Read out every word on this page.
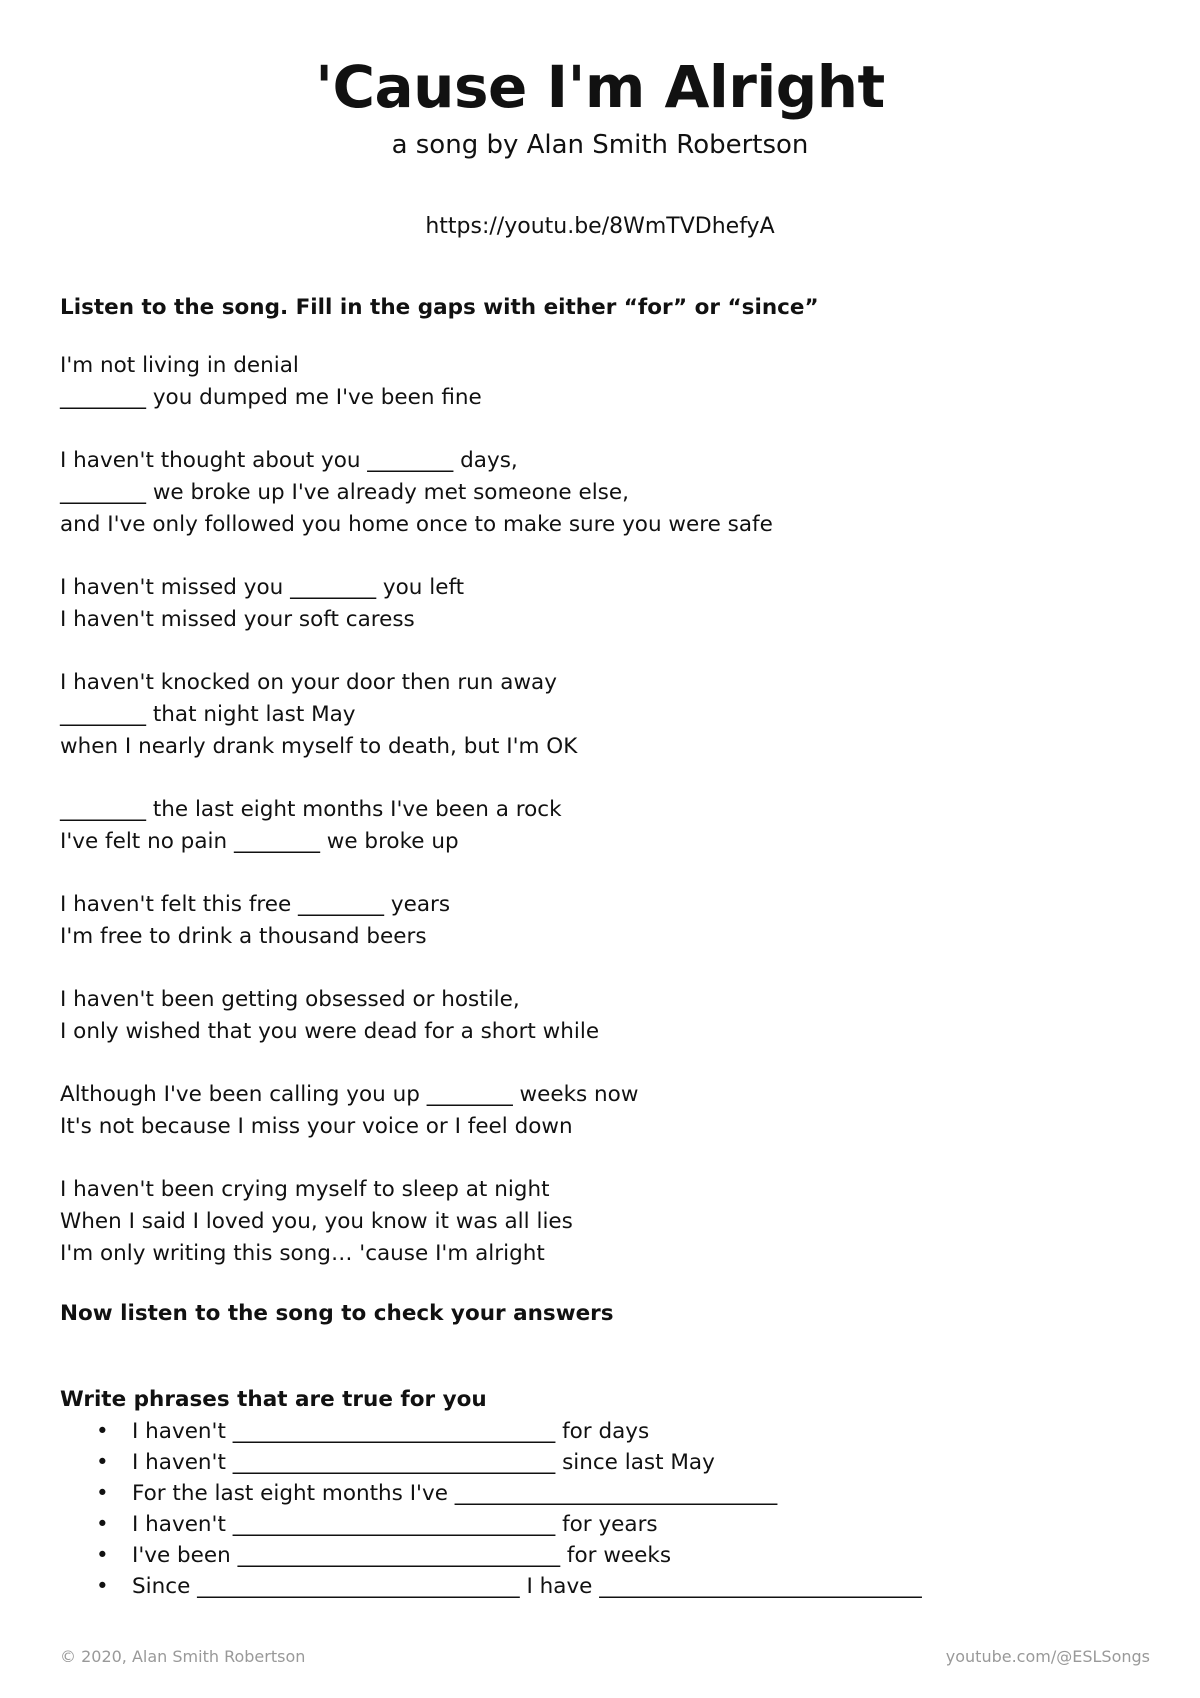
'Cause I'm Alright
a song by Alan Smith Robertson
https://youtu.be/8WmTVDhefyA
Listen to the song. Fill in the gaps with either “for” or “since”
I'm not living in denial
________ you dumped me I've been fine
I haven't thought about you ________ days,
________ we broke up I've already met someone else,
and I've only followed you home once to make sure you were safe
I haven't missed you ________ you left
I haven't missed your soft caress
I haven't knocked on your door then run away
________ that night last May
when I nearly drank myself to death, but I'm OK
________ the last eight months I've been a rock
I've felt no pain ________ we broke up
I haven't felt this free ________ years
I'm free to drink a thousand beers
I haven't been getting obsessed or hostile,
I only wished that you were dead for a short while
Although I've been calling you up ________ weeks now
It's not because I miss your voice or I feel down
I haven't been crying myself to sleep at night
When I said I loved you, you know it was all lies
I'm only writing this song… 'cause I'm alright
Now listen to the song to check your answers
Write phrases that are true for you
• I haven't ______________________________ for days
• I haven't ______________________________ since last May
• For the last eight months I've ______________________________
• I haven't ______________________________ for years
• I've been ______________________________ for weeks
• Since ______________________________ I have ______________________________
© 2020, Alan Smith Robertson	youtube.com/@ESLSongs
